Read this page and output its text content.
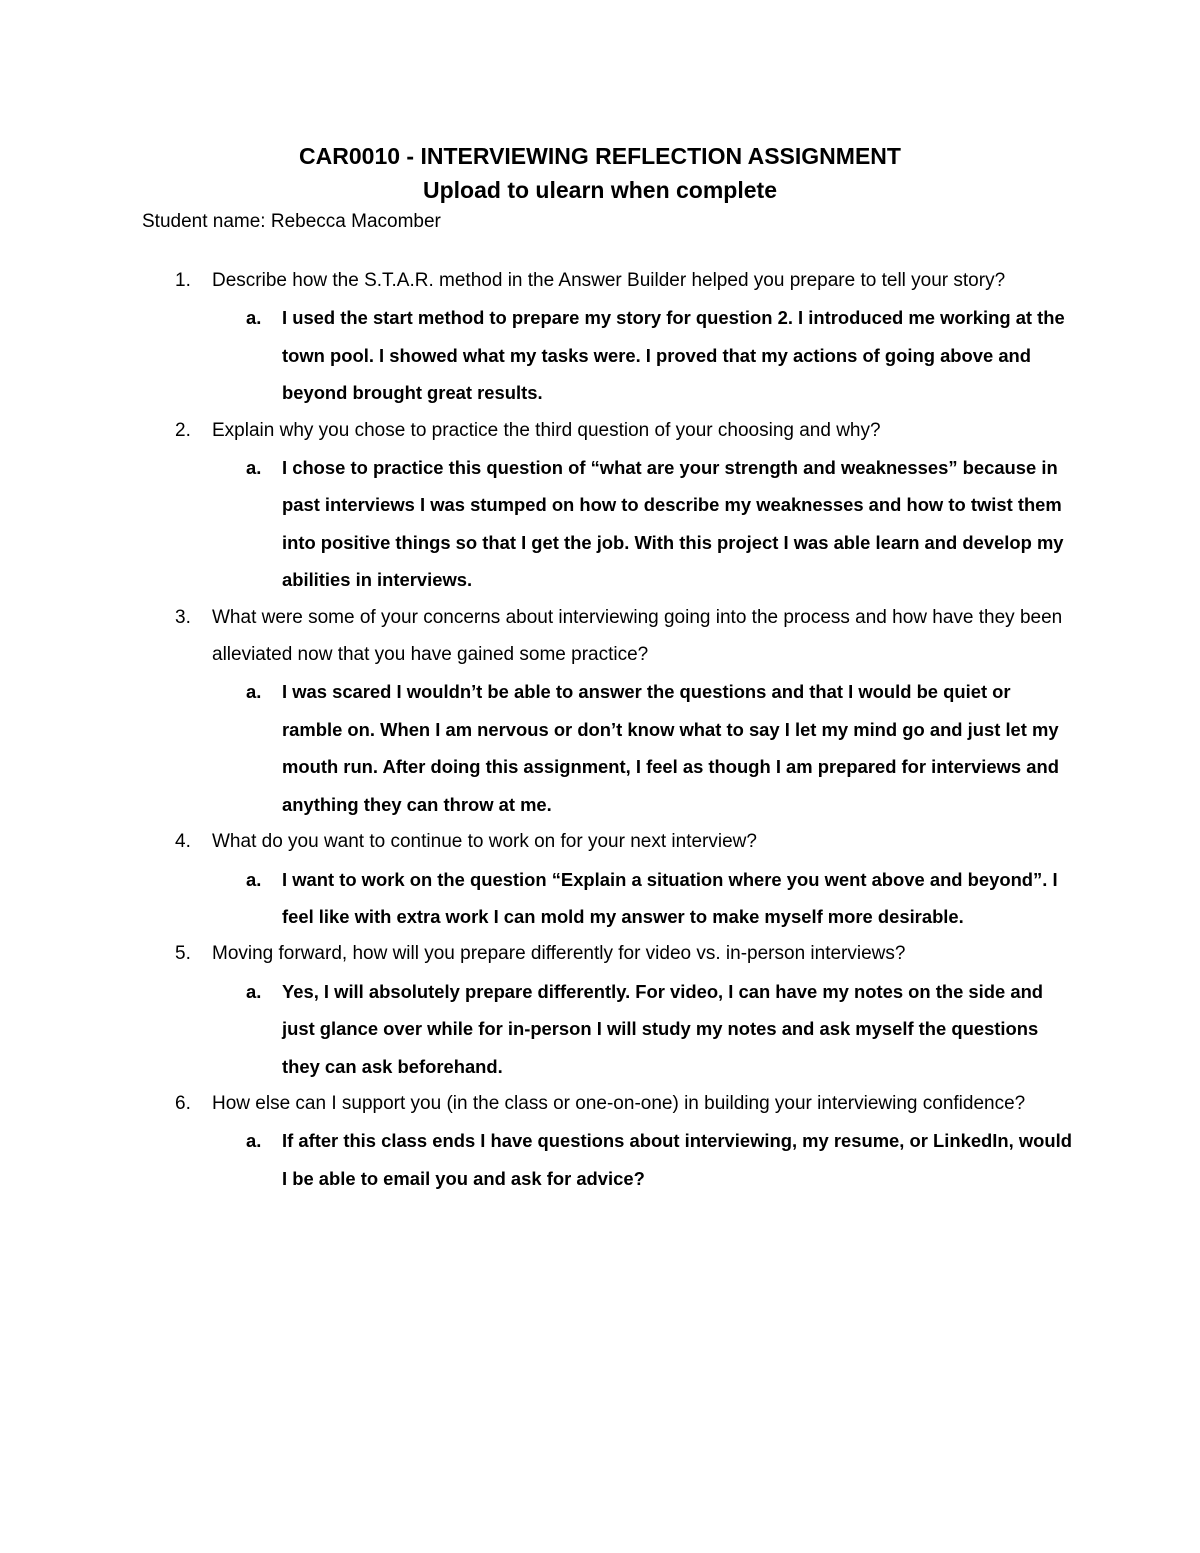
CAR0010 - INTERVIEWING REFLECTION ASSIGNMENT
Upload to ulearn when complete
Student name: Rebecca Macomber
1. Describe how the S.T.A.R. method in the Answer Builder helped you prepare to tell your story?
a. I used the start method to prepare my story for question 2. I introduced me working at the town pool. I showed what my tasks were. I proved that my actions of going above and beyond brought great results.
2. Explain why you chose to practice the third question of your choosing and why?
a. I chose to practice this question of “what are your strength and weaknesses” because in past interviews I was stumped on how to describe my weaknesses and how to twist them into positive things so that I get the job. With this project I was able learn and develop my abilities in interviews.
3. What were some of your concerns about interviewing going into the process and how have they been alleviated now that you have gained some practice?
a. I was scared I wouldn’t be able to answer the questions and that I would be quiet or ramble on. When I am nervous or don’t know what to say I let my mind go and just let my mouth run. After doing this assignment, I feel as though I am prepared for interviews and anything they can throw at me.
4. What do you want to continue to work on for your next interview?
a. I want to work on the question “Explain a situation where you went above and beyond”. I feel like with extra work I can mold my answer to make myself more desirable.
5. Moving forward, how will you prepare differently for video vs. in-person interviews?
a. Yes, I will absolutely prepare differently. For video, I can have my notes on the side and just glance over while for in-person I will study my notes and ask myself the questions they can ask beforehand.
6. How else can I support you (in the class or one-on-one) in building your interviewing confidence?
a. If after this class ends I have questions about interviewing, my resume, or LinkedIn, would I be able to email you and ask for advice?
